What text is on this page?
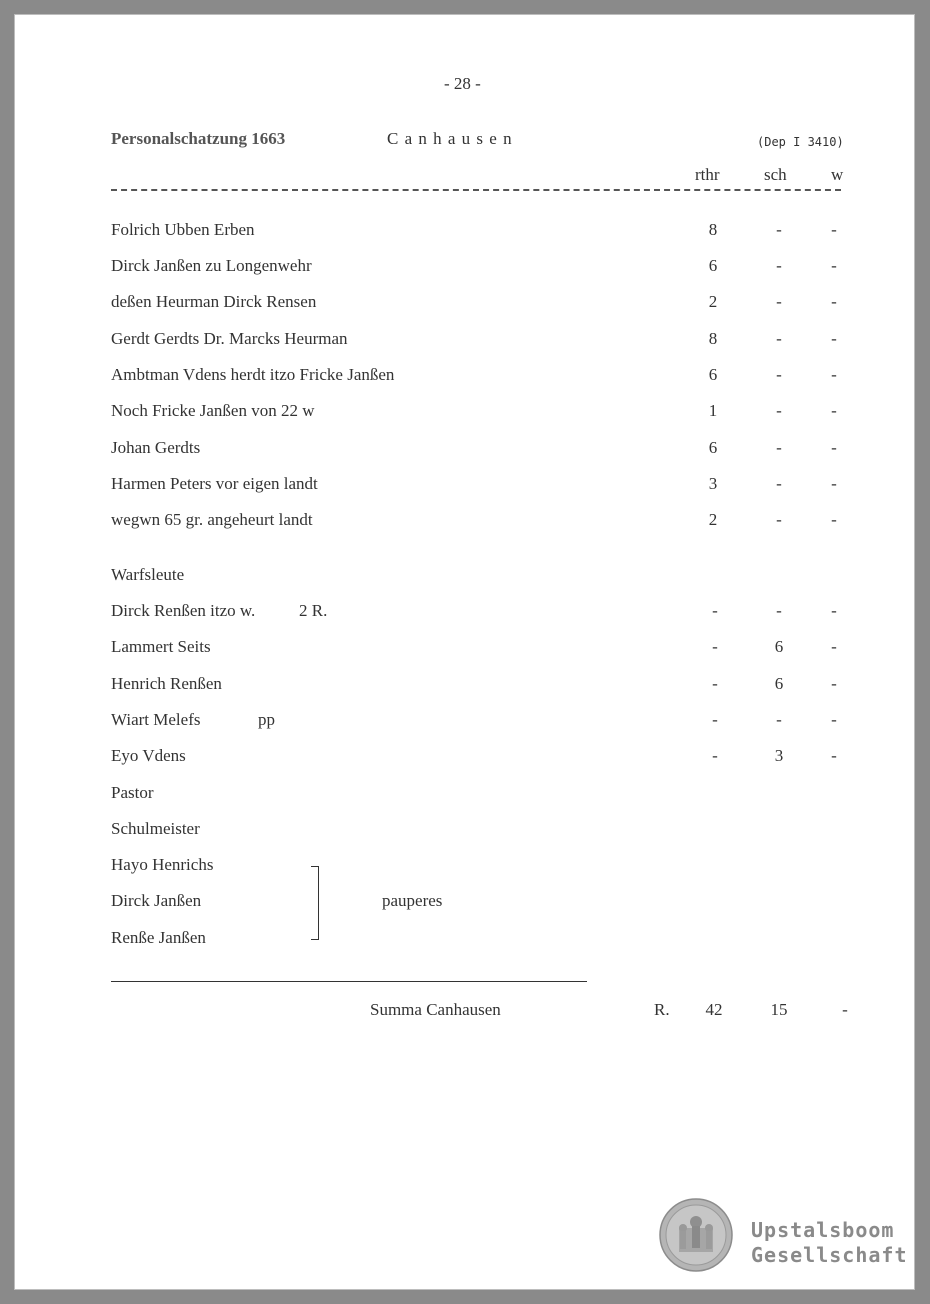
- 28 -
Personalschatzung 1663	C a n h a u s e n	(Dep I 3410)
rthr	sch	w
Folrich Ubben Erben	8	-	-
Dirck Janßen zu Longenwehr	6	-	-
deßen Heurman Dirck Rensen	2	-	-
Gerdt Gerdts Dr. Marcks Heurman	8	-	-
Ambtman Vdens herdt itzo Fricke Janßen	6	-	-
Noch Fricke Janßen von 22 w	1	-	-
Johan Gerdts	6	-	-
Harmen Peters vor eigen landt	3	-	-
wegwn 65 gr. angeheurt landt	2	-	-
Warfsleute
Dirck Renßen itzo w.	2 R.	-	-	-
Lammert Seits	-	6	-
Henrich Renßen	-	6	-
Wiart Melefs	pp	-	-	-
Eyo Vdens	-	3	-
Pastor
Schulmeister
Hayo Henrichs
Dirck Janßen
Renße Janßen
pauperes
Summa Canhausen	R.	42	15	-
Upstalsboom
Gesellschaft
